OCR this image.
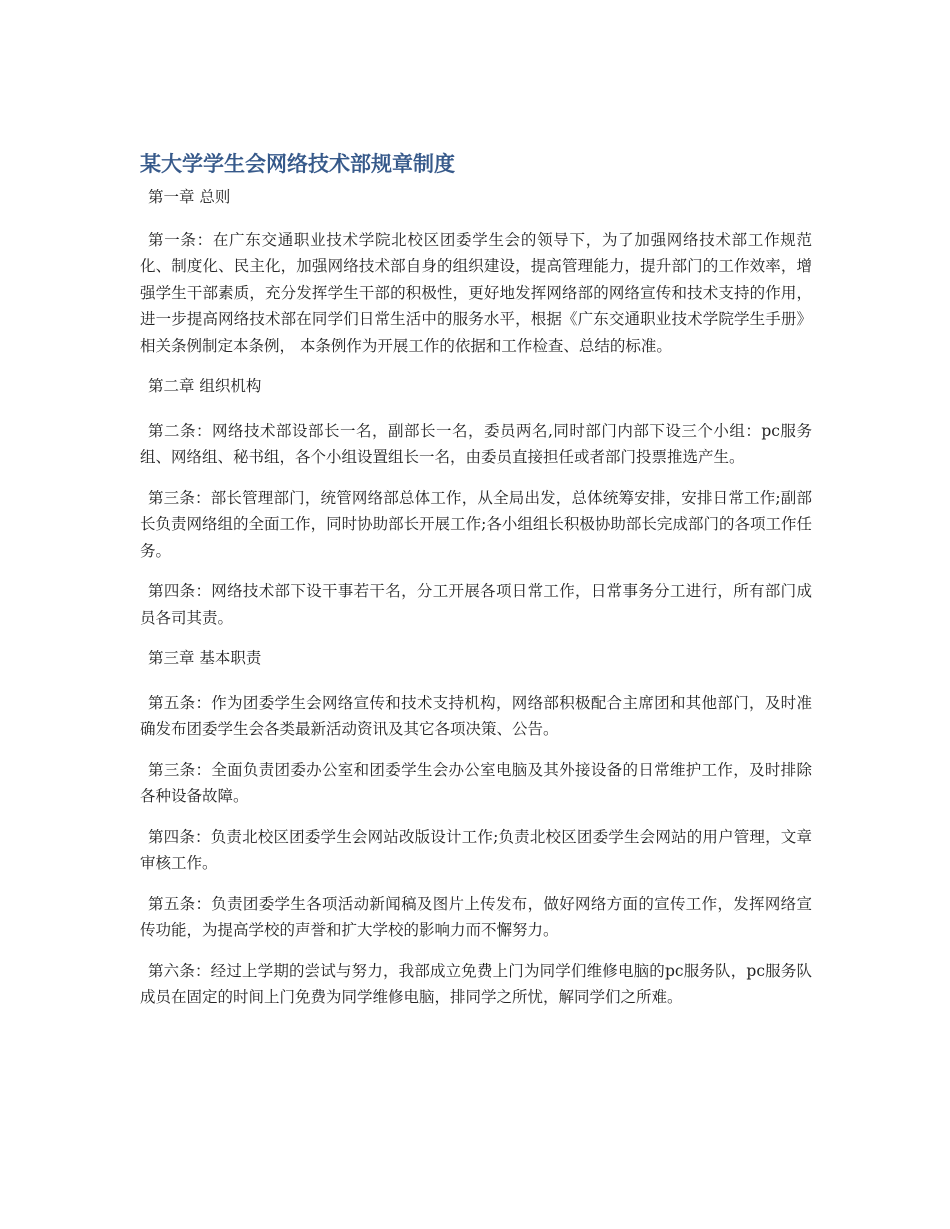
某大学学生会网络技术部规章制度

第一章 总则

第一条：在广东交通职业技术学院北校区团委学生会的领导下，为了加强网络技术部工作规范化、制度化、民主化，加强网络技术部自身的组织建设，提高管理能力，提升部门的工作效率，增强学生干部素质，充分发挥学生干部的积极性，更好地发挥网络部的网络宣传和技术支持的作用，进一步提高网络技术部在同学们日常生活中的服务水平，根据《广东交通职业技术学院学生手册》相关条例制定本条例， 本条例作为开展工作的依据和工作检查、总结的标准。

第二章 组织机构

第二条：网络技术部设部长一名，副部长一名，委员两名,同时部门内部下设三个小组：pc服务组、网络组、秘书组，各个小组设置组长一名，由委员直接担任或者部门投票推选产生。

第三条：部长管理部门，统管网络部总体工作，从全局出发，总体统筹安排，安排日常工作;副部长负责网络组的全面工作，同时协助部长开展工作;各小组组长积极协助部长完成部门的各项工作任务。

第四条：网络技术部下设干事若干名，分工开展各项日常工作，日常事务分工进行，所有部门成员各司其责。

第三章 基本职责

第五条：作为团委学生会网络宣传和技术支持机构，网络部积极配合主席团和其他部门，及时准确发布团委学生会各类最新活动资讯及其它各项决策、公告。

第三条：全面负责团委办公室和团委学生会办公室电脑及其外接设备的日常维护工作，及时排除各种设备故障。

第四条：负责北校区团委学生会网站改版设计工作;负责北校区团委学生会网站的用户管理，文章审核工作。

第五条：负责团委学生各项活动新闻稿及图片上传发布，做好网络方面的宣传工作，发挥网络宣传功能，为提高学校的声誉和扩大学校的影响力而不懈努力。

第六条：经过上学期的尝试与努力，我部成立免费上门为同学们维修电脑的pc服务队，pc服务队成员在固定的时间上门免费为同学维修电脑，排同学之所忧，解同学们之所难。
